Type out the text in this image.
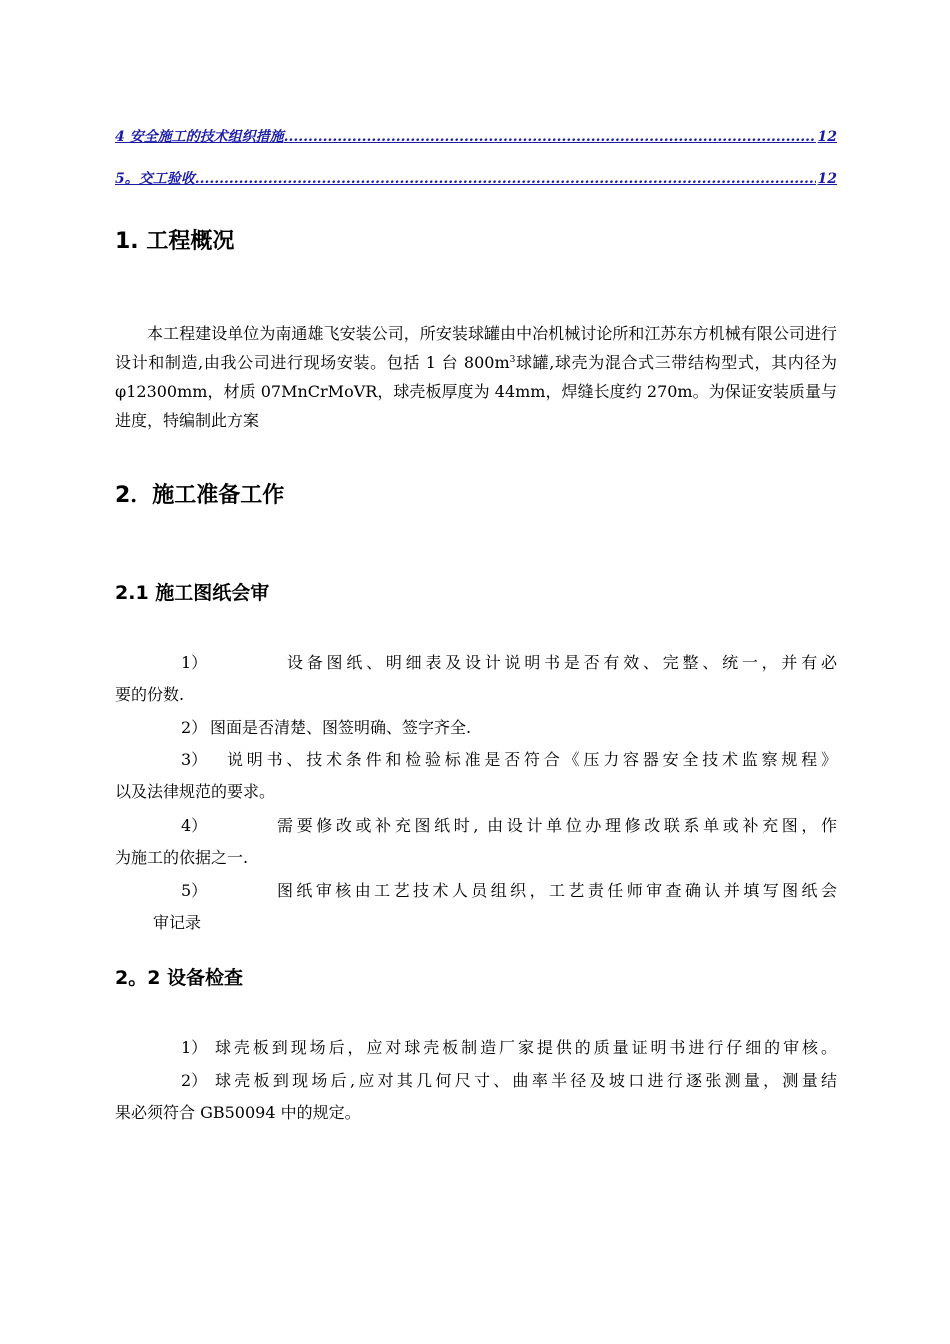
4 安全施工的技术组织措施 .....	12
5。交工验收 .....	12
1. 工程概况

本工程建设单位为南通雄飞安装公司，所安装球罐由中冶机械讨论所和江苏东方机械有限公司进行设计和制造,由我公司进行现场安装。包括 1 台 $800m^3$球罐,球壳为混合式三带结构型式，其内径为 φ12300mm，材质 07MnCrMoVR，球壳板厚度为 44mm，焊缝长度约 270m。为保证安装质量与进度，特编制此方案

2．施工准备工作
2.1 施工图纸会审
1）	设备图纸、明细表及设计说明书是否有效、完整、统一，并有必
要的份数.
2） 图面是否清楚、图签明确、签字齐全.
3） 说明书、技术条件和检验标准是否符合《压力容器安全技术监察规程》
以及法律规范的要求。
4）	需要修改或补充图纸时, 由设计单位办理修改联系单或补充图，作
为施工的依据之一.
5）	图纸审核由工艺技术人员组织，工艺责任师审查确认并填写图纸会
审记录
2。2 设备检查
1） 球壳板到现场后，应对球壳板制造厂家提供的质量证明书进行仔细的审核。
2） 球壳板到现场后,应对其几何尺寸、曲率半径及坡口进行逐张测量，测量结
果必须符合 GB50094 中的规定。
